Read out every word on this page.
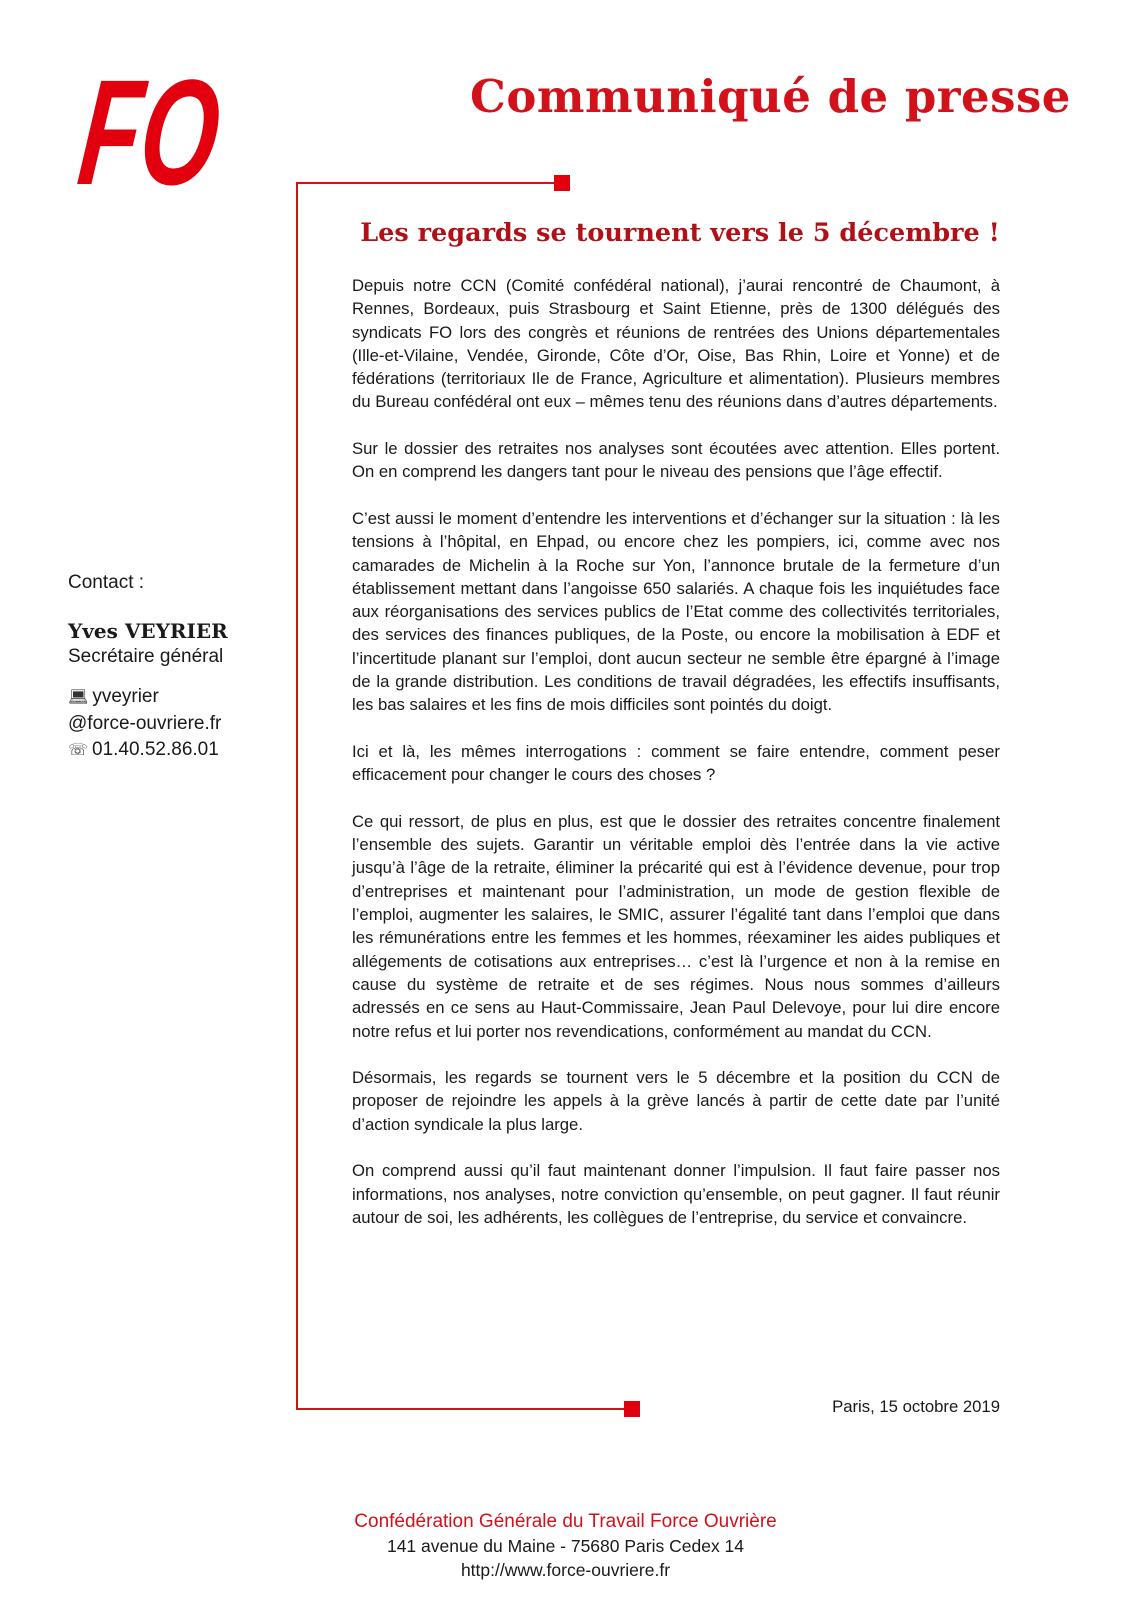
FO	Communiqué de presse
Les regards se tournent vers le 5 décembre !

Depuis notre CCN (Comité confédéral national), j’aurai rencontré de Chaumont, à Rennes, Bordeaux, puis Strasbourg et Saint Etienne, près de 1300 délégués des syndicats FO lors des congrès et réunions de rentrées des Unions départementales (Ille-et-Vilaine, Vendée, Gironde, Côte d’Or, Oise, Bas Rhin, Loire et Yonne) et de fédérations (territoriaux Ile de France, Agriculture et alimentation). Plusieurs membres du Bureau confédéral ont eux – mêmes tenu des réunions dans d’autres départements.

Sur le dossier des retraites nos analyses sont écoutées avec attention. Elles portent. On en comprend les dangers tant pour le niveau des pensions que l’âge effectif.

C’est aussi le moment d’entendre les interventions et d’échanger sur la situation : là les tensions à l’hôpital, en Ehpad, ou encore chez les pompiers, ici, comme avec nos camarades de Michelin à la Roche sur Yon, l’annonce brutale de la fermeture d’un établissement mettant dans l’angoisse 650 salariés. A chaque fois les inquiétudes face aux réorganisations des services publics de l’Etat comme des collectivités territoriales, des services des finances publiques, de la Poste, ou encore la mobilisation à EDF et l’incertitude planant sur l’emploi, dont aucun secteur ne semble être épargné à l’image de la grande distribution. Les conditions de travail dégradées, les effectifs insuffisants, les bas salaires et les fins de mois difficiles sont pointés du doigt.

Ici et là, les mêmes interrogations : comment se faire entendre, comment peser efficacement pour changer le cours des choses ?

Ce qui ressort, de plus en plus, est que le dossier des retraites concentre finalement l’ensemble des sujets. Garantir un véritable emploi dès l’entrée dans la vie active jusqu’à l’âge de la retraite, éliminer la précarité qui est à l’évidence devenue, pour trop d’entreprises et maintenant pour l’administration, un mode de gestion flexible de l’emploi, augmenter les salaires, le SMIC, assurer l’égalité tant dans l’emploi que dans les rémunérations entre les femmes et les hommes, réexaminer les aides publiques et allégements de cotisations aux entreprises… c’est là l’urgence et non à la remise en cause du système de retraite et de ses régimes. Nous nous sommes d’ailleurs adressés en ce sens au Haut-Commissaire, Jean Paul Delevoye, pour lui dire encore notre refus et lui porter nos revendications, conformément au mandat du CCN.

Désormais, les regards se tournent vers le 5 décembre et la position du CCN de proposer de rejoindre les appels à la grève lancés à partir de cette date par l’unité d’action syndicale la plus large.

On comprend aussi qu’il faut maintenant donner l’impulsion. Il faut faire passer nos informations, nos analyses, notre conviction qu’ensemble, on peut gagner. Il faut réunir autour de soi, les adhérents, les collègues de l’entreprise, du service et convaincre.

Paris, 15 octobre 2019
Contact :
Yves VEYRIER
Secrétaire général
💻︎ yveyrier
@force-ouvriere.fr
☏ 01.40.52.86.01
Confédération Générale du Travail Force Ouvrière
141 avenue du Maine - 75680 Paris Cedex 14
http://www.force-ouvriere.fr
